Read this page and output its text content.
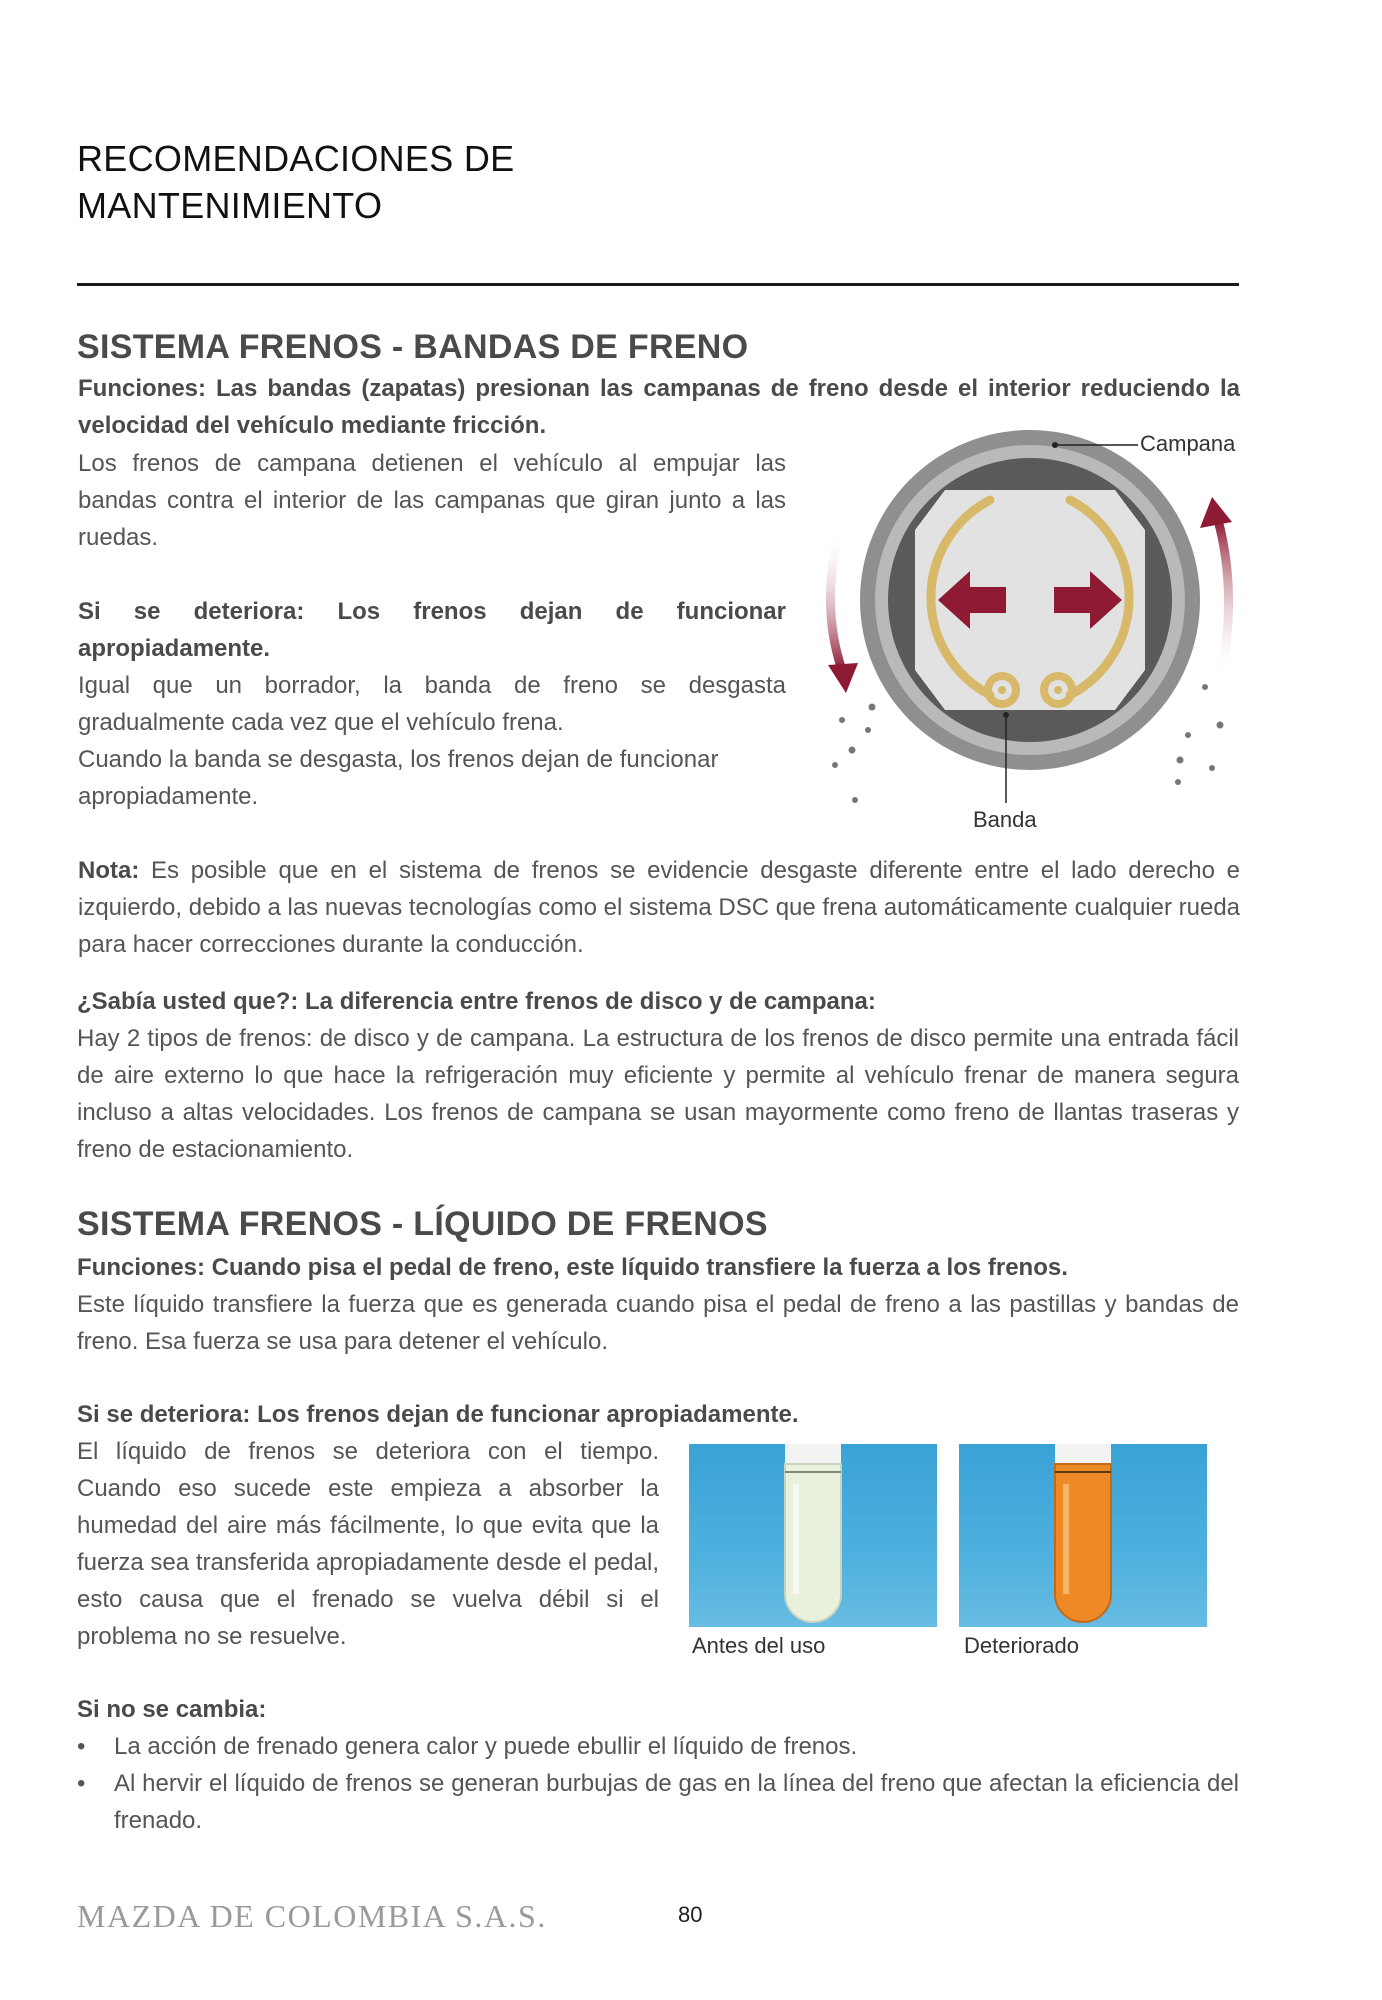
RECOMENDACIONES DE
MANTENIMIENTO
SISTEMA FRENOS - BANDAS DE FRENO

Funciones: Las bandas (zapatas) presionan las campanas de freno desde el interior reduciendo la velocidad del vehículo mediante fricción.

Los frenos de campana detienen el vehículo al empujar las bandas contra el interior de las campanas que giran junto a las ruedas.

Si se deteriora: Los frenos dejan de funcionar apropiadamente.

Igual que un borrador, la banda de freno se desgasta gradualmente cada vez que el vehículo frena.

Cuando la banda se desgasta, los frenos dejan de funcionar apropiadamente.

Campana
Banda

Nota: Es posible que en el sistema de frenos se evidencie desgaste diferente entre el lado derecho e izquierdo, debido a las nuevas tecnologías como el sistema DSC que frena automáticamente cualquier rueda para hacer correcciones durante la conducción.

¿Sabía usted que?: La diferencia entre frenos de disco y de campana:

Hay 2 tipos de frenos: de disco y de campana. La estructura de los frenos de disco permite una entrada fácil de aire externo lo que hace la refrigeración muy eficiente y permite al vehículo frenar de manera segura incluso a altas velocidades. Los frenos de campana se usan mayormente como freno de llantas traseras y freno de estacionamiento.

SISTEMA FRENOS - LÍQUIDO DE FRENOS

Funciones: Cuando pisa el pedal de freno, este líquido transfiere la fuerza a los frenos.

Este líquido transfiere la fuerza que es generada cuando pisa el pedal de freno a las pastillas y bandas de freno. Esa fuerza se usa para detener el vehículo.

Si se deteriora: Los frenos dejan de funcionar apropiadamente.

El líquido de frenos se deteriora con el tiempo. Cuando eso sucede este empieza a absorber la humedad del aire más fácilmente, lo que evita que la fuerza sea transferida apropiadamente desde el pedal, esto causa que el frenado se vuelva débil si el problema no se resuelve.	Antes del uso	Deteriorado

Si no se cambia:

• La acción de frenado genera calor y puede ebullir el líquido de frenos.
• Al hervir el líquido de frenos se generan burbujas de gas en la línea del freno que afectan la eficiencia del frenado.
MAZDA DE COLOMBIA S.A.S.	80
